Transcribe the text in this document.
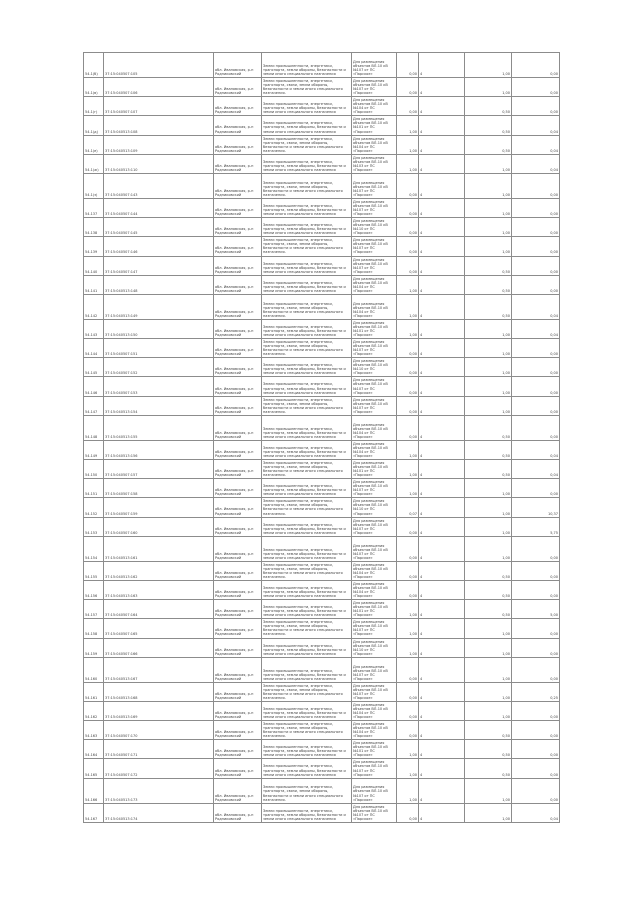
54.1(б)	37:15:040507:105	обл. Ивановская, р-н Родниковский	Земли промышленности, энергетики, транспорта, земли обороны, безопасности и земли иного специального назначения	Для размещения объектов ВЛ-10 кВ №107 от ПС «Парское»	0,00	4	1,00	0,00
54.1(в)	37:15:040507:106	обл. Ивановская, р-н Родниковский	Земли промышленности, энергетики, транспорта, связи, земли обороны, безопасности и земли иного специального назначения.	Для размещения объектов ВЛ-10 кВ №107 от ПС «Парское»	0,00	4	1,00	0,00
54.1(г)	37:15:040507:107	обл. Ивановская, р-н Родниковский	Земли промышленности, энергетики, транспорта, земли обороны, безопасности и земли иного специального назначения	Для размещения объектов ВЛ-10 кВ №104 от ПС «Парское»	0,00	4	0,50	0,00
54.1(д)	37:15:040513:108	обл. Ивановская, р-н Родниковский	Земли промышленности, энергетики, транспорта, земли обороны, безопасности и земли иного специального назначения	Для размещения объектов ВЛ-10 кВ №101 от ПС «Парское»	1,00	4	0,50	0,04
54.1(е)	37:15:040513:109	обл. Ивановская, р-н Родниковский	Земли промышленности, энергетики, транспорта, связи, земли обороны, безопасности и земли иного специального назначения.	Для размещения объектов ВЛ-10 кВ №104 от ПС «Парское»	1,00	4	0,50	0,04
54.1(ж)	37:15:040513:110	обл. Ивановская, р-н Родниковский	Земли промышленности, энергетики, транспорта, земли обороны, безопасности и земли иного специального назначения	Для размещения объектов ВЛ-10 кВ №103 от ПС «Парское»	1,00	4	1,00	0,04
54.1(з)	37:15:040507:143	обл. Ивановская, р-н Родниковский	Земли промышленности, энергетики, транспорта, связи, земли обороны, безопасности и земли иного специального назначения.	Для размещения объектов ВЛ-10 кВ №107 от ПС «Парское»	0,00	4	1,00	0,00
54.137	37:15:040507:144	обл. Ивановская, р-н Родниковский	Земли промышленности, энергетики, транспорта, земли обороны, безопасности и земли иного специального назначения	Для размещения объектов ВЛ-10 кВ №107 от ПС «Парское»	0,00	4	1,00	0,00
54.138	37:15:040507:145	обл. Ивановская, р-н Родниковский	Земли промышленности, энергетики, транспорта, земли обороны, безопасности и земли иного специального назначения	Для размещения объектов ВЛ-10 кВ №110 от ПС «Парское»	0,00	4	1,00	0,00
54.139	37:15:040507:146	обл. Ивановская, р-н Родниковский	Земли промышленности, энергетики, транспорта, связи, земли обороны, безопасности и земли иного специального назначения.	Для размещения объектов ВЛ-10 кВ №107 от ПС «Парское»	0,00	4	1,00	0,00
54.140	37:15:040507:147	обл. Ивановская, р-н Родниковский	Земли промышленности, энергетики, транспорта, земли обороны, безопасности и земли иного специального назначения	Для размещения объектов ВЛ-10 кВ №107 от ПС «Парское»	0,00	4	0,50	0,00
54.141	37:15:040513:148	обл. Ивановская, р-н Родниковский	Земли промышленности, энергетики, транспорта, земли обороны, безопасности и земли иного специального назначения	Для размещения объектов ВЛ-10 кВ №104 от ПС «Парское»	1,00	4	0,50	0,00
54.142	37:15:040513:149	обл. Ивановская, р-н Родниковский	Земли промышленности, энергетики, транспорта, связи, земли обороны, безопасности и земли иного специального назначения.	Для размещения объектов ВЛ-10 кВ №104 от ПС «Парское»	1,00	4	0,50	0,04
54.143	37:15:040513:150	обл. Ивановская, р-н Родниковский	Земли промышленности, энергетики, транспорта, земли обороны, безопасности и земли иного специального назначения	Для размещения объектов ВЛ-10 кВ №101 от ПС «Парское»	1,00	4	1,00	0,04
54.144	37:15:040507:151	обл. Ивановская, р-н Родниковский	Земли промышленности, энергетики, транспорта, связи, земли обороны, безопасности и земли иного специального назначения.	Для размещения объектов ВЛ-10 кВ №107 от ПС «Парское»	0,00	4	1,00	0,00
54.145	37:15:040507:152	обл. Ивановская, р-н Родниковский	Земли промышленности, энергетики, транспорта, земли обороны, безопасности и земли иного специального назначения	Для размещения объектов ВЛ-10 кВ №110 от ПС «Парское»	0,00	4	1,00	0,00
54.146	37:15:040507:153	обл. Ивановская, р-н Родниковский	Земли промышленности, энергетики, транспорта, земли обороны, безопасности и земли иного специального назначения	Для размещения объектов ВЛ-10 кВ №107 от ПС «Парское»	0,00	4	1,00	0,00
54.147	37:15:040513:154	обл. Ивановская, р-н Родниковский	Земли промышленности, энергетики, транспорта, связи, земли обороны, безопасности и земли иного специального назначения.	Для размещения объектов ВЛ-10 кВ №107 от ПС «Парское»	0,00	4	1,00	0,00
54.148	37:15:040513:155	обл. Ивановская, р-н Родниковский	Земли промышленности, энергетики, транспорта, земли обороны, безопасности и земли иного специального назначения	Для размещения объектов ВЛ-10 кВ №104 от ПС «Парское»	0,00	4	0,50	0,00
54.149	37:15:040513:156	обл. Ивановская, р-н Родниковский	Земли промышленности, энергетики, транспорта, земли обороны, безопасности и земли иного специального назначения	Для размещения объектов ВЛ-10 кВ №104 от ПС «Парское»	1,00	4	0,50	0,04
54.150	37:15:040507:157	обл. Ивановская, р-н Родниковский	Земли промышленности, энергетики, транспорта, связи, земли обороны, безопасности и земли иного специального назначения.	Для размещения объектов ВЛ-10 кВ №101 от ПС «Парское»	1,00	4	0,50	0,04
54.151	37:15:040507:158	обл. Ивановская, р-н Родниковский	Земли промышленности, энергетики, транспорта, земли обороны, безопасности и земли иного специального назначения	Для размещения объектов ВЛ-10 кВ №107 от ПС «Парское»	1,00	4	1,00	0,00
54.152	37:15:040507:159	обл. Ивановская, р-н Родниковский	Земли промышленности, энергетики, транспорта, связи, земли обороны, безопасности и земли иного специального назначения.	Для размещения объектов ВЛ-10 кВ №110 от ПС «Парское»	0,07	4	1,00	10,37
54.153	37:15:040507:160	обл. Ивановская, р-н Родниковский	Земли промышленности, энергетики, транспорта, земли обороны, безопасности и земли иного специального назначения	Для размещения объектов ВЛ-10 кВ №107 от ПС «Парское»	0,00	4	1,00	5,75
54.154	37:15:040513:161	обл. Ивановская, р-н Родниковский	Земли промышленности, энергетики, транспорта, земли обороны, безопасности и земли иного специального назначения	Для размещения объектов ВЛ-10 кВ №107 от ПС «Парское»	0,00	4	1,00	0,00
54.155	37:15:040513:162	обл. Ивановская, р-н Родниковский	Земли промышленности, энергетики, транспорта, связи, земли обороны, безопасности и земли иного специального назначения.	Для размещения объектов ВЛ-10 кВ №104 от ПС «Парское»	0,00	4	0,50	0,00
54.156	37:15:040513:163	обл. Ивановская, р-н Родниковский	Земли промышленности, энергетики, транспорта, земли обороны, безопасности и земли иного специального назначения	Для размещения объектов ВЛ-10 кВ №104 от ПС «Парское»	0,00	4	0,50	0,00
54.157	37:15:040507:164	обл. Ивановская, р-н Родниковский	Земли промышленности, энергетики, транспорта, земли обороны, безопасности и земли иного специального назначения	Для размещения объектов ВЛ-10 кВ №101 от ПС «Парское»	1,00	4	0,50	5,00
54.158	37:15:040507:165	обл. Ивановская, р-н Родниковский	Земли промышленности, энергетики, транспорта, связи, земли обороны, безопасности и земли иного специального назначения.	Для размещения объектов ВЛ-10 кВ №107 от ПС «Парское»	1,00	4	1,00	0,00
54.159	37:15:040507:166	обл. Ивановская, р-н Родниковский	Земли промышленности, энергетики, транспорта, земли обороны, безопасности и земли иного специального назначения	Для размещения объектов ВЛ-10 кВ №110 от ПС «Парское»	1,00	4	1,00	0,00
54.160	37:15:040513:167	обл. Ивановская, р-н Родниковский	Земли промышленности, энергетики, транспорта, земли обороны, безопасности и земли иного специального назначения	Для размещения объектов ВЛ-10 кВ №107 от ПС «Парское»	0,00	4	1,00	0,00
54.161	37:15:040513:168	обл. Ивановская, р-н Родниковский	Земли промышленности, энергетики, транспорта, связи, земли обороны, безопасности и земли иного специального назначения.	Для размещения объектов ВЛ-10 кВ №107 от ПС «Парское»	0,00	4	1,00	0,25
54.162	37:15:040513:169	обл. Ивановская, р-н Родниковский	Земли промышленности, энергетики, транспорта, земли обороны, безопасности и земли иного специального назначения	Для размещения объектов ВЛ-10 кВ №104 от ПС «Парское»	0,00	4	1,00	0,00
54.163	37:15:040507:170	обл. Ивановская, р-н Родниковский	Земли промышленности, энергетики, транспорта, связи, земли обороны, безопасности и земли иного специального назначения.	Для размещения объектов ВЛ-10 кВ №104 от ПС «Парское»	0,00	4	0,50	0,00
54.164	37:15:040507:171	обл. Ивановская, р-н Родниковский	Земли промышленности, энергетики, транспорта, земли обороны, безопасности и земли иного специального назначения	Для размещения объектов ВЛ-10 кВ №101 от ПС «Парское»	1,00	4	0,50	0,00
54.165	37:15:040507:172	обл. Ивановская, р-н Родниковский	Земли промышленности, энергетики, транспорта, земли обороны, безопасности и земли иного специального назначения	Для размещения объектов ВЛ-10 кВ №107 от ПС «Парское»	1,00	4	0,50	0,00
54.166	37:15:040513:173	обл. Ивановская, р-н Родниковский	Земли промышленности, энергетики, транспорта, связи, земли обороны, безопасности и земли иного специального назначения.	Для размещения объектов ВЛ-10 кВ №107 от ПС «Парское»	1,00	4	1,00	0,00
54.167	37:15:040513:174	обл. Ивановская, р-н Родниковский	Земли промышленности, энергетики, транспорта, земли обороны, безопасности и земли иного специального назначения	Для размещения объектов ВЛ-10 кВ №107 от ПС «Парское»	0,00	4	1,00	0,04
